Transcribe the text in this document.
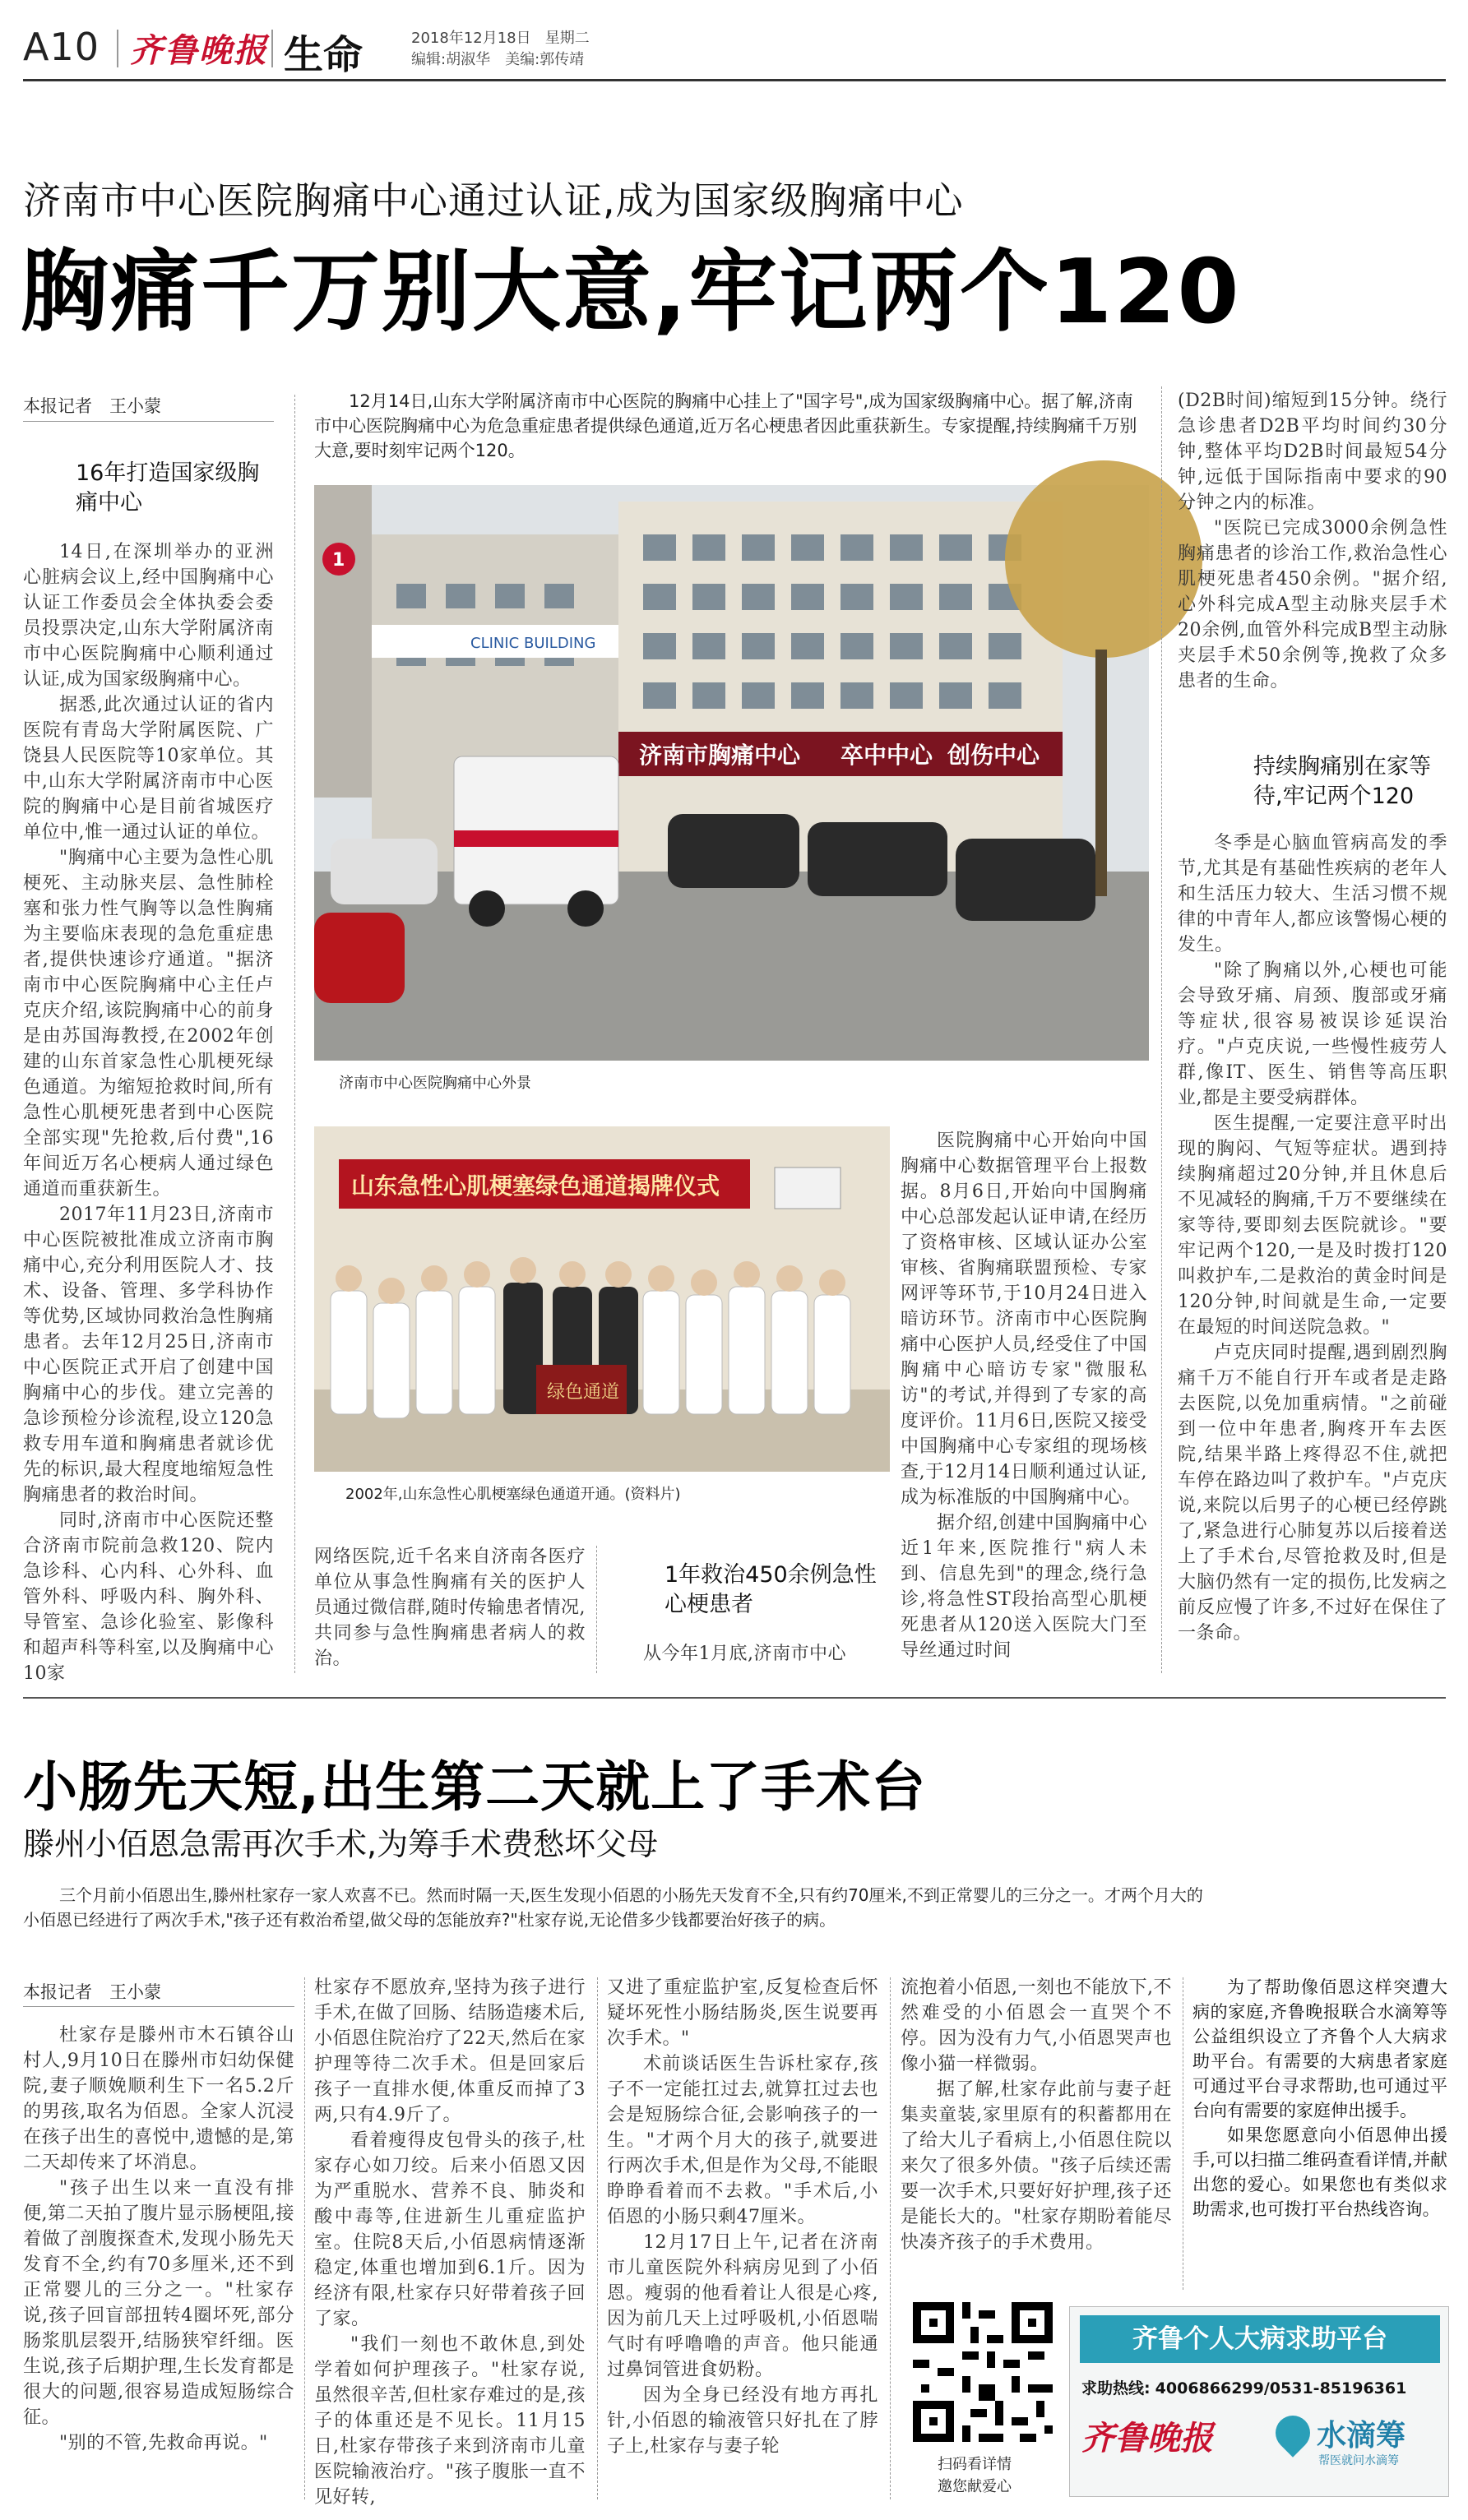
A10 齐鲁晚报 生命	2018年12月18日 星期二
编辑:胡淑华　美编:郭传靖
济南市中心医院胸痛中心通过认证,成为国家级胸痛中心
胸痛千万别大意,牢记两个120
本报记者　王小蒙
16年打造国家级胸痛中心

14日,在深圳举办的亚洲心脏病会议上,经中国胸痛中心认证工作委员会全体执委会委员投票决定,山东大学附属济南市中心医院胸痛中心顺利通过认证,成为国家级胸痛中心。

据悉,此次通过认证的省内医院有青岛大学附属医院、广饶县人民医院等10家单位。其中,山东大学附属济南市中心医院的胸痛中心是目前省城医疗单位中,惟一通过认证的单位。

"胸痛中心主要为急性心肌梗死、主动脉夹层、急性肺栓塞和张力性气胸等以急性胸痛为主要临床表现的急危重症患者,提供快速诊疗通道。"据济南市中心医院胸痛中心主任卢克庆介绍,该院胸痛中心的前身是由苏国海教授,在2002年创建的山东首家急性心肌梗死绿色通道。为缩短抢救时间,所有急性心肌梗死患者到中心医院全部实现"先抢救,后付费",16年间近万名心梗病人通过绿色通道而重获新生。

2017年11月23日,济南市中心医院被批准成立济南市胸痛中心,充分利用医院人才、技术、设备、管理、多学科协作等优势,区域协同救治急性胸痛患者。去年12月25日,济南市中心医院正式开启了创建中国胸痛中心的步伐。建立完善的急诊预检分诊流程,设立120急救专用车道和胸痛患者就诊优先的标识,最大程度地缩短急性胸痛患者的救治时间。

同时,济南市中心医院还整合济南市院前急救120、院内急诊科、心内科、心外科、血管外科、呼吸内科、胸外科、导管室、急诊化验室、影像科和超声科等科室,以及胸痛中心10家

12月14日,山东大学附属济南市中心医院的胸痛中心挂上了"国字号",成为国家级胸痛中心。据了解,济南市中心医院胸痛中心为危急重症患者提供绿色通道,近万名心梗患者因此重获新生。专家提醒,持续胸痛千万别大意,要时刻牢记两个120。
CLINIC BUILDING
1
济南市胸痛中心 卒中中心 创伤中心
济南市中心医院胸痛中心外景
山东急性心肌梗塞绿色通道揭牌仪式
绿色通道
2002年,山东急性心肌梗塞绿色通道开通。(资料片)

网络医院,近千名来自济南各医疗单位从事急性胸痛有关的医护人员通过微信群,随时传输患者情况,共同参与急性胸痛患者病人的救治。

1年救治450余例急性心梗患者

从今年1月底,济南市中心

医院胸痛中心开始向中国胸痛中心数据管理平台上报数据。8月6日,开始向中国胸痛中心总部发起认证申请,在经历了资格审核、区域认证办公室审核、省胸痛联盟预检、专家网评等环节,于10月24日进入暗访环节。济南市中心医院胸痛中心医护人员,经受住了中国胸痛中心暗访专家"微服私访"的考试,并得到了专家的高度评价。11月6日,医院又接受中国胸痛中心专家组的现场核查,于12月14日顺利通过认证,成为标准版的中国胸痛中心。

据介绍,创建中国胸痛中心近1年来,医院推行"病人未到、信息先到"的理念,绕行急诊,将急性ST段抬高型心肌梗死患者从120送入医院大门至导丝通过时间

(D2B时间)缩短到15分钟。绕行急诊患者D2B平均时间约30分钟,整体平均D2B时间最短54分钟,远低于国际指南中要求的90分钟之内的标准。

"医院已完成3000余例急性胸痛患者的诊治工作,救治急性心肌梗死患者450余例。"据介绍,心外科完成A型主动脉夹层手术20余例,血管外科完成B型主动脉夹层手术50余例等,挽救了众多患者的生命。

持续胸痛别在家等待,牢记两个120

冬季是心脑血管病高发的季节,尤其是有基础性疾病的老年人和生活压力较大、生活习惯不规律的中青年人,都应该警惕心梗的发生。

"除了胸痛以外,心梗也可能会导致牙痛、肩颈、腹部或牙痛等症状,很容易被误诊延误治疗。"卢克庆说,一些慢性疲劳人群,像IT、医生、销售等高压职业,都是主要受病群体。

医生提醒,一定要注意平时出现的胸闷、气短等症状。遇到持续胸痛超过20分钟,并且休息后不见减轻的胸痛,千万不要继续在家等待,要即刻去医院就诊。"要牢记两个120,一是及时拨打120叫救护车,二是救治的黄金时间是120分钟,时间就是生命,一定要在最短的时间送院急救。"

卢克庆同时提醒,遇到剧烈胸痛千万不能自行开车或者是走路去医院,以免加重病情。"之前碰到一位中年患者,胸疼开车去医院,结果半路上疼得忍不住,就把车停在路边叫了救护车。"卢克庆说,来院以后男子的心梗已经停跳了,紧急进行心肺复苏以后接着送上了手术台,尽管抢救及时,但是大脑仍然有一定的损伤,比发病之前反应慢了许多,不过好在保住了一条命。

小肠先天短,出生第二天就上了手术台
滕州小佰恩急需再次手术,为筹手术费愁坏父母
三个月前小佰恩出生,滕州杜家存一家人欢喜不已。然而时隔一天,医生发现小佰恩的小肠先天发育不全,只有约70厘米,不到正常婴儿的三分之一。才两个月大的小佰恩已经进行了两次手术,"孩子还有救治希望,做父母的怎能放弃?"杜家存说,无论借多少钱都要治好孩子的病。
本报记者　王小蒙

杜家存是滕州市木石镇谷山村人,9月10日在滕州市妇幼保健院,妻子顺娩顺利生下一名5.2斤的男孩,取名为佰恩。全家人沉浸在孩子出生的喜悦中,遗憾的是,第二天却传来了坏消息。

"孩子出生以来一直没有排便,第二天拍了腹片显示肠梗阻,接着做了剖腹探查术,发现小肠先天发育不全,约有70多厘米,还不到正常婴儿的三分之一。"杜家存说,孩子回盲部扭转4圈坏死,部分肠浆肌层裂开,结肠狭窄纤细。医生说,孩子后期护理,生长发育都是很大的问题,很容易造成短肠综合征。

"别的不管,先救命再说。"

杜家存不愿放弃,坚持为孩子进行手术,在做了回肠、结肠造瘘术后,小佰恩住院治疗了22天,然后在家护理等待二次手术。但是回家后孩子一直排水便,体重反而掉了3两,只有4.9斤了。

看着瘦得皮包骨头的孩子,杜家存心如刀绞。后来小佰恩又因为严重脱水、营养不良、肺炎和酸中毒等,住进新生儿重症监护室。住院8天后,小佰恩病情逐渐稳定,体重也增加到6.1斤。因为经济有限,杜家存只好带着孩子回了家。

"我们一刻也不敢休息,到处学着如何护理孩子。"杜家存说,虽然很辛苦,但杜家存难过的是,孩子的体重还是不见长。11月15日,杜家存带孩子来到济南市儿童医院输液治疗。"孩子腹胀一直不见好转,

又进了重症监护室,反复检查后怀疑坏死性小肠结肠炎,医生说要再次手术。"

术前谈话医生告诉杜家存,孩子不一定能扛过去,就算扛过去也会是短肠综合征,会影响孩子的一生。"才两个月大的孩子,就要进行两次手术,但是作为父母,不能眼睁睁看着而不去救。"手术后,小佰恩的小肠只剩47厘米。

12月17日上午,记者在济南市儿童医院外科病房见到了小佰恩。瘦弱的他看着让人很是心疼,因为前几天上过呼吸机,小佰恩喘气时有呼噜噜的声音。他只能通过鼻饲管进食奶粉。

因为全身已经没有地方再扎针,小佰恩的输液管只好扎在了脖子上,杜家存与妻子轮

流抱着小佰恩,一刻也不能放下,不然难受的小佰恩会一直哭个不停。因为没有力气,小佰恩哭声也像小猫一样微弱。

据了解,杜家存此前与妻子赶集卖童装,家里原有的积蓄都用在了给大儿子看病上,小佰恩住院以来欠了很多外债。"孩子后续还需要一次手术,只要好好护理,孩子还是能长大的。"杜家存期盼着能尽快凑齐孩子的手术费用。

扫码看详情
邀您献爱心

为了帮助像佰恩这样突遭大病的家庭,齐鲁晚报联合水滴筹等公益组织设立了齐鲁个人大病求助平台。有需要的大病患者家庭可通过平台寻求帮助,也可通过平台向有需要的家庭伸出援手。

如果您愿意向小佰恩伸出援手,可以扫描二维码查看详情,并献出您的爱心。如果您也有类似求助需求,也可拨打平台热线咨询。

齐鲁个人大病求助平台
求助热线: 4006866299/0531-85196361
齐鲁晚报	水滴筹
帮医就问水滴筹
